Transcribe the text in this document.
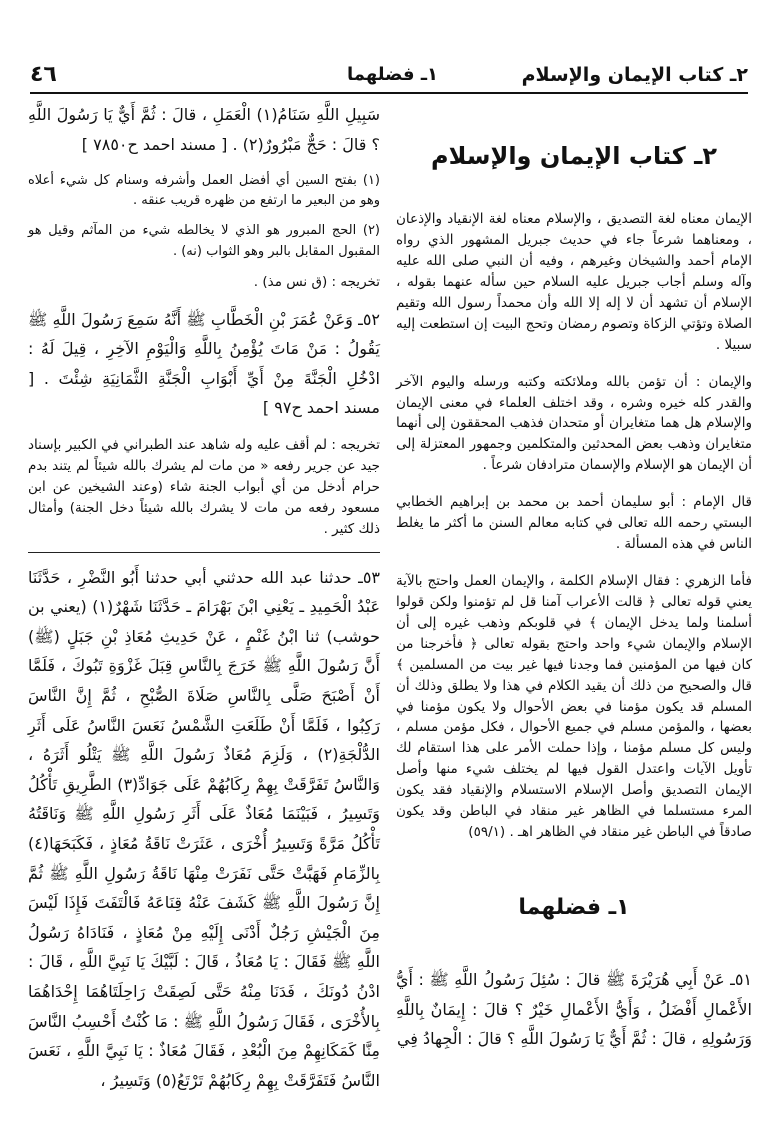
٢ـ كتاب الإيمان والإسلام
١ـ فضلهما
٤٦
٢ـ كتاب الإيمان والإسلام

الإيمان معناه لغة التصديق ، والإسلام معناه لغة الإنقياد والإذعان ، ومعناهما شرعاً جاء في حديث جبريل المشهور الذي رواه الإمام أحمد والشيخان وغيرهم ، وفيه أن النبي صلى الله عليه وآله وسلم أجاب جبريل عليه السلام حين سأله عنهما بقوله ، الإسلام أن تشهد أن لا إله إلا الله وأن محمداً رسول الله وتقيم الصلاة وتؤتي الزكاة وتصوم رمضان وتحج البيت إن استطعت إليه سبيلا .

والإيمان : أن تؤمن بالله وملائكته وكتبه ورسله واليوم الآخر والقدر كله خيره وشره ، وقد اختلف العلماء في معنى الإيمان والإسلام هل هما متغايران أو متحدان فذهب المحققون إلى أنهما متغايران وذهب بعض المحدثين والمتكلمين وجمهور المعتزلة إلى أن الإيمان هو الإسلام والإسمان مترادفان شرعاً .

قال الإمام : أبو سليمان أحمد بن محمد بن إبراهيم الخطابي البستي رحمه الله تعالى في كتابه معالم السنن ما أكثر ما يغلط الناس في هذه المسألة .

فأما الزهري : فقال الإسلام الكلمة ، والإيمان العمل واحتج بالآية يعني قوله تعالى ﴿ قالت الأعراب آمنا قل لم تؤمنوا ولكن قولوا أسلمنا ولما يدخل الإيمان ﴾ في قلوبكم وذهب غيره إلى أن الإسلام والإيمان شيء واحد واحتج بقوله تعالى ﴿ فأخرجنا من كان فيها من المؤمنين فما وجدنا فيها غير بيت من المسلمين ﴾ قال والصحيح من ذلك أن يقيد الكلام في هذا ولا يطلق وذلك أن المسلم قد يكون مؤمنا في بعض الأحوال ولا يكون مؤمنا في بعضها ، والمؤمن مسلم في جميع الأحوال ، فكل مؤمن مسلم ، وليس كل مسلم مؤمنا ، وإذا حملت الأمر على هذا استقام لك تأويل الآيات واعتدل القول فيها لم يختلف شيء منها وأصل الإيمان التصديق وأصل الإسلام الاستسلام والإنقياد فقد يكون المرء مستسلما في الظاهر غير منقاد في الباطن وقد يكون صادقاً في الباطن غير منقاد في الظاهر اهـ . (٥٩/١)

١ـ فضلهما

٥١ـ عَنْ أَبِي هُرَيْرَةَ ﷺ قالَ : سُئِلَ رَسُولُ اللَّهِ ﷺ : أَيُّ الأَعْمالِ أَفْضَلُ ، وَأَيُّ الأَعْمالِ خَيْرٌ ؟ قالَ : إِيمَانٌ بِاللَّهِ وَرَسُولِهِ ، قالَ : ثُمَّ أَيٌّ يَا رَسُولَ اللَّهِ ؟ قالَ : الْجِهادُ فِي

سَبِيلِ اللَّهِ سَنَامُ(١) الْعَمَلِ ، قالَ : ثُمَّ أَيٌّ يَا رَسُولَ اللَّهِ ؟ قالَ : حَجٌّ مَبْرُورٌ(٢) . [ مسند احمد ح٧٨٥٠ ]

(١) بفتح السين أي أفضل العمل وأشرفه وسنام كل شيء أعلاه وهو من البعير ما ارتفع من ظهره قريب عنقه .

(٢) الحج المبرور هو الذي لا يخالطه شيء من المآثم وقيل هو المقبول المقابل بالبر وهو الثواب (نه) .

تخريجه : (ق نس مذ) .

٥٢ـ وَعَنْ عُمَرَ بْنِ الْخَطَّابِ ﷺ أَنَّهُ سَمِعَ رَسُولَ اللَّهِ ﷺ يَقُولُ : مَنْ مَاتَ يُؤْمِنُ بِاللَّهِ وَالْيَوْمِ الآخِرِ ، قِيلَ لَهُ : ادْخُلِ الْجَنَّةَ مِنْ أَيِّ أَبْوَابِ الْجَنَّةِ الثَّمَانِيَةِ شِئْتَ . [ مسند احمد ح٩٧ ]

تخريجه : لم أقف عليه وله شاهد عند الطبراني في الكبير بإسناد جيد عن جرير رفعه « من مات لم يشرك بالله شيئاً لم يتند بدم حرام أدخل من أي أبواب الجنة شاء (وعند الشيخين عن ابن مسعود رفعه من مات لا يشرك بالله شيئاً دخل الجنة) وأمثال ذلك كثير .

٥٣ـ حدثنا عبد الله حدثني أبي حدثنا أَبُو النَّضْرِ ، حَدَّثَنَا عَبْدُ الْحَمِيدِ ـ يَعْنِي ابْنَ بَهْرَامَ ـ حَدَّثَنَا شَهْرٌ(١) (يعني بن حوشب) ثنا ابْنُ غَنْمٍ ، عَنْ حَدِيثِ مُعَاذِ بْنِ جَبَلٍ (ﷺ) أَنَّ رَسُولَ اللَّهِ ﷺ خَرَجَ بِالنَّاسِ قِبَلَ غَزْوَةِ تَبُوكَ ، فَلَمَّا أَنْ أَصْبَحَ صَلَّى بِالنَّاسِ صَلَاةَ الصُّبْحِ ، ثُمَّ إِنَّ النَّاسَ رَكِبُوا ، فَلَمَّا أَنْ طَلَعَتِ الشَّمْسُ نَعَسَ النَّاسُ عَلَى أَثَرِ الدُّلْجَةِ(٢) ، وَلَزِمَ مُعَاذٌ رَسُولَ اللَّهِ ﷺ يَتْلُو أَثَرَهُ ، وَالنَّاسُ تَفَرَّقَتْ بِهِمْ رِكَابُهُمْ عَلَى جَوَادِّ(٣) الطَّرِيقِ تَأْكُلُ وَتَسِيرُ ، فَبَيْنَمَا مُعَاذٌ عَلَى أَثَرِ رَسُولِ اللَّهِ ﷺ وَنَاقَتُهُ تَأْكُلُ مَرَّةً وَتَسِيرُ أُخْرَى ، عَثَرَتْ نَاقَةُ مُعَاذٍ ، فَكَبَحَهَا(٤) بِالزِّمَامِ فَهَبَّتْ حَتَّى نَفَرَتْ مِنْهَا نَاقَةُ رَسُولِ اللَّهِ ﷺ ثُمَّ إِنَّ رَسُولَ اللَّهِ ﷺ كَشَفَ عَنْهُ قِنَاعَهُ فَالْتَفَتَ فَإِذَا لَيْسَ مِنَ الْجَيْشِ رَجُلٌ أَدْنَى إِلَيْهِ مِنْ مُعَاذٍ ، فَنَادَاهُ رَسُولُ اللَّهِ ﷺ فَقَالَ : يَا مُعَاذُ ، قَالَ : لَبَّيْكَ يَا نَبِيَّ اللَّهِ ، قَالَ : ادْنُ دُونَكَ ، فَدَنَا مِنْهُ حَتَّى لَصِقَتْ رَاحِلَتَاهُمَا إِحْدَاهُمَا بِالأُخْرَى ، فَقَالَ رَسُولُ اللَّهِ ﷺ : مَا كُنْتُ أَحْسِبُ النَّاسَ مِنَّا كَمَكَانِهِمْ مِنَ الْبُعْدِ ، فَقَالَ مُعَاذٌ : يَا نَبِيَّ اللَّهِ ، نَعَسَ النَّاسُ فَتَفَرَّقَتْ بِهِمْ رِكَابُهُمْ تَرْتَعُ(٥) وَتَسِيرُ ،
